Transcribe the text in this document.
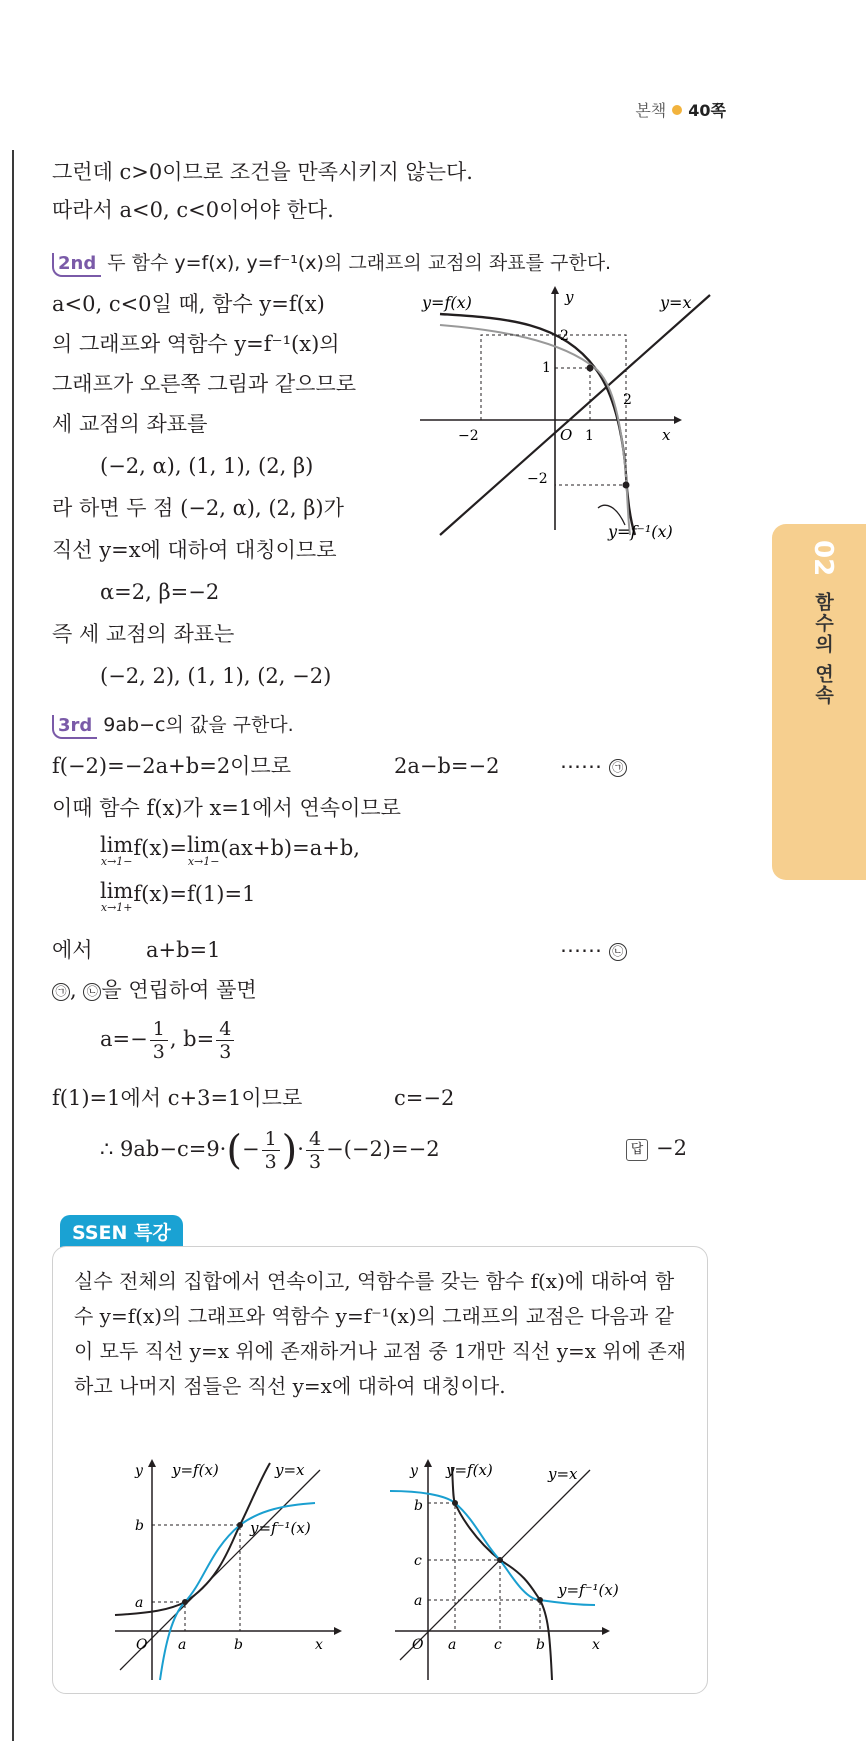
본책 40쪽
02
함수의 연속
그런데 c>0이므로 조건을 만족시키지 않는다.
따라서 a<0, c<0이어야 한다.
2nd 두 함수 y=f(x), y=f⁻¹(x)의 그래프의 교점의 좌표를 구한다.
a<0, c<0일 때, 함수 y=f(x)
의 그래프와 역함수 y=f⁻¹(x)의
그래프가 오른쪽 그림과 같으므로
세 교점의 좌표를
(−2, α), (1, 1), (2, β)
라 하면 두 점 (−2, α), (2, β)가
직선 y=x에 대하여 대칭이므로
α=2, β=−2
즉 세 교점의 좌표는
(−2, 2), (1, 1), (2, −2)
y=f(x)	y	y=x
2
1
2
−2	O 1	x
−2
y=f⁻¹(x)
3rd 9ab−c의 값을 구한다.
f(−2)=−2a+b=2이므로	2a−b=−2	⋯⋯ ㉠
이때 함수 f(x)가 x=1에서 연속이므로
lim
x→1−
f(x)= lim
x→1−
(ax+b)=a+b,
lim
x→1+
f(x)=f(1)=1
에서	a+b=1	⋯⋯ ㉡
㉠ , ㉡ 을 연립하여 풀면
$a=- \frac{1}{3}$ , $b= \frac{4}{3}$
f(1)=1에서 c+3=1이므로	c=−2
∴ $9ab-c=9\cdot(- \frac{1}{3}$ )· $\frac{4}{3} -(-2)=-2$	답 −2
SSEN 특강
실수 전체의 집합에서 연속이고, 역함수를 갖는 함수 f(x)에 대하여 함수 y=f(x)의 그래프와 역함수 y=f⁻¹(x)의 그래프의 교점은 다음과 같이 모두 직선 y=x 위에 존재하거나 교점 중 1개만 직선 y=x 위에 존재하고 나머지 점들은 직선 y=x에 대하여 대칭이다.
y y=f(x)	y=x
b	y=f⁻¹(x)
a
O a	b	x
y y=f(x)	y=x
b
c
a
y=f⁻¹(x)
O a	c b	x
